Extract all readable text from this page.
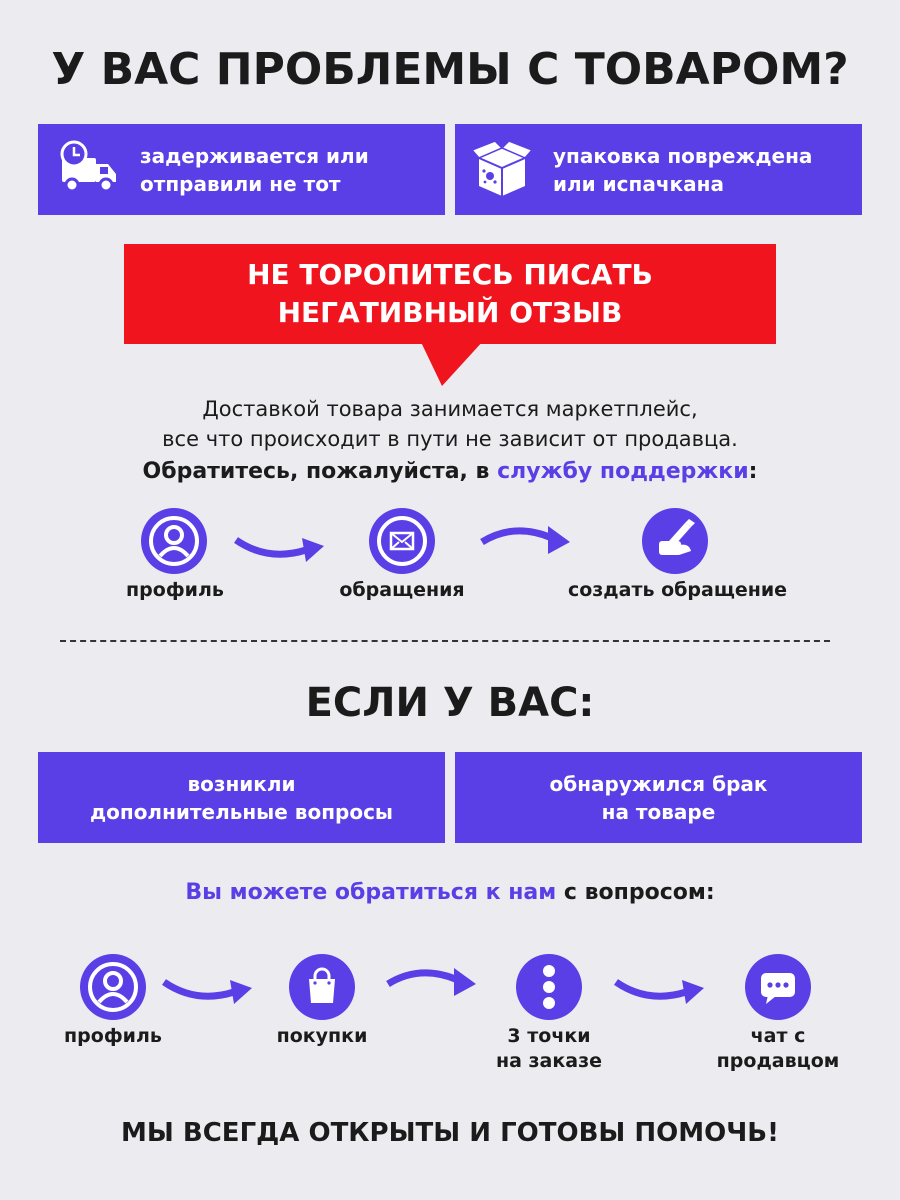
У ВАС ПРОБЛЕМЫ С ТОВАРОМ?
задерживается или
отправили не тот
упаковка повреждена
или испачкана
НЕ ТОРОПИТЕСЬ ПИСАТЬ
НЕГАТИВНЫЙ ОТЗЫВ
Доставкой товара занимается маркетплейс,
все что происходит в пути не зависит от продавца.
Обратитесь, пожалуйста, в службу поддержки:
профиль	обращения	создать обращение
ЕСЛИ У ВАС:
возникли
дополнительные вопросы
обнаружился брак
на товаре
Вы можете обратиться к нам с вопросом:
профиль	покупки	3 точки
на заказе
чат с
продавцом
МЫ ВСЕГДА ОТКРЫТЫ И ГОТОВЫ ПОМОЧЬ!
